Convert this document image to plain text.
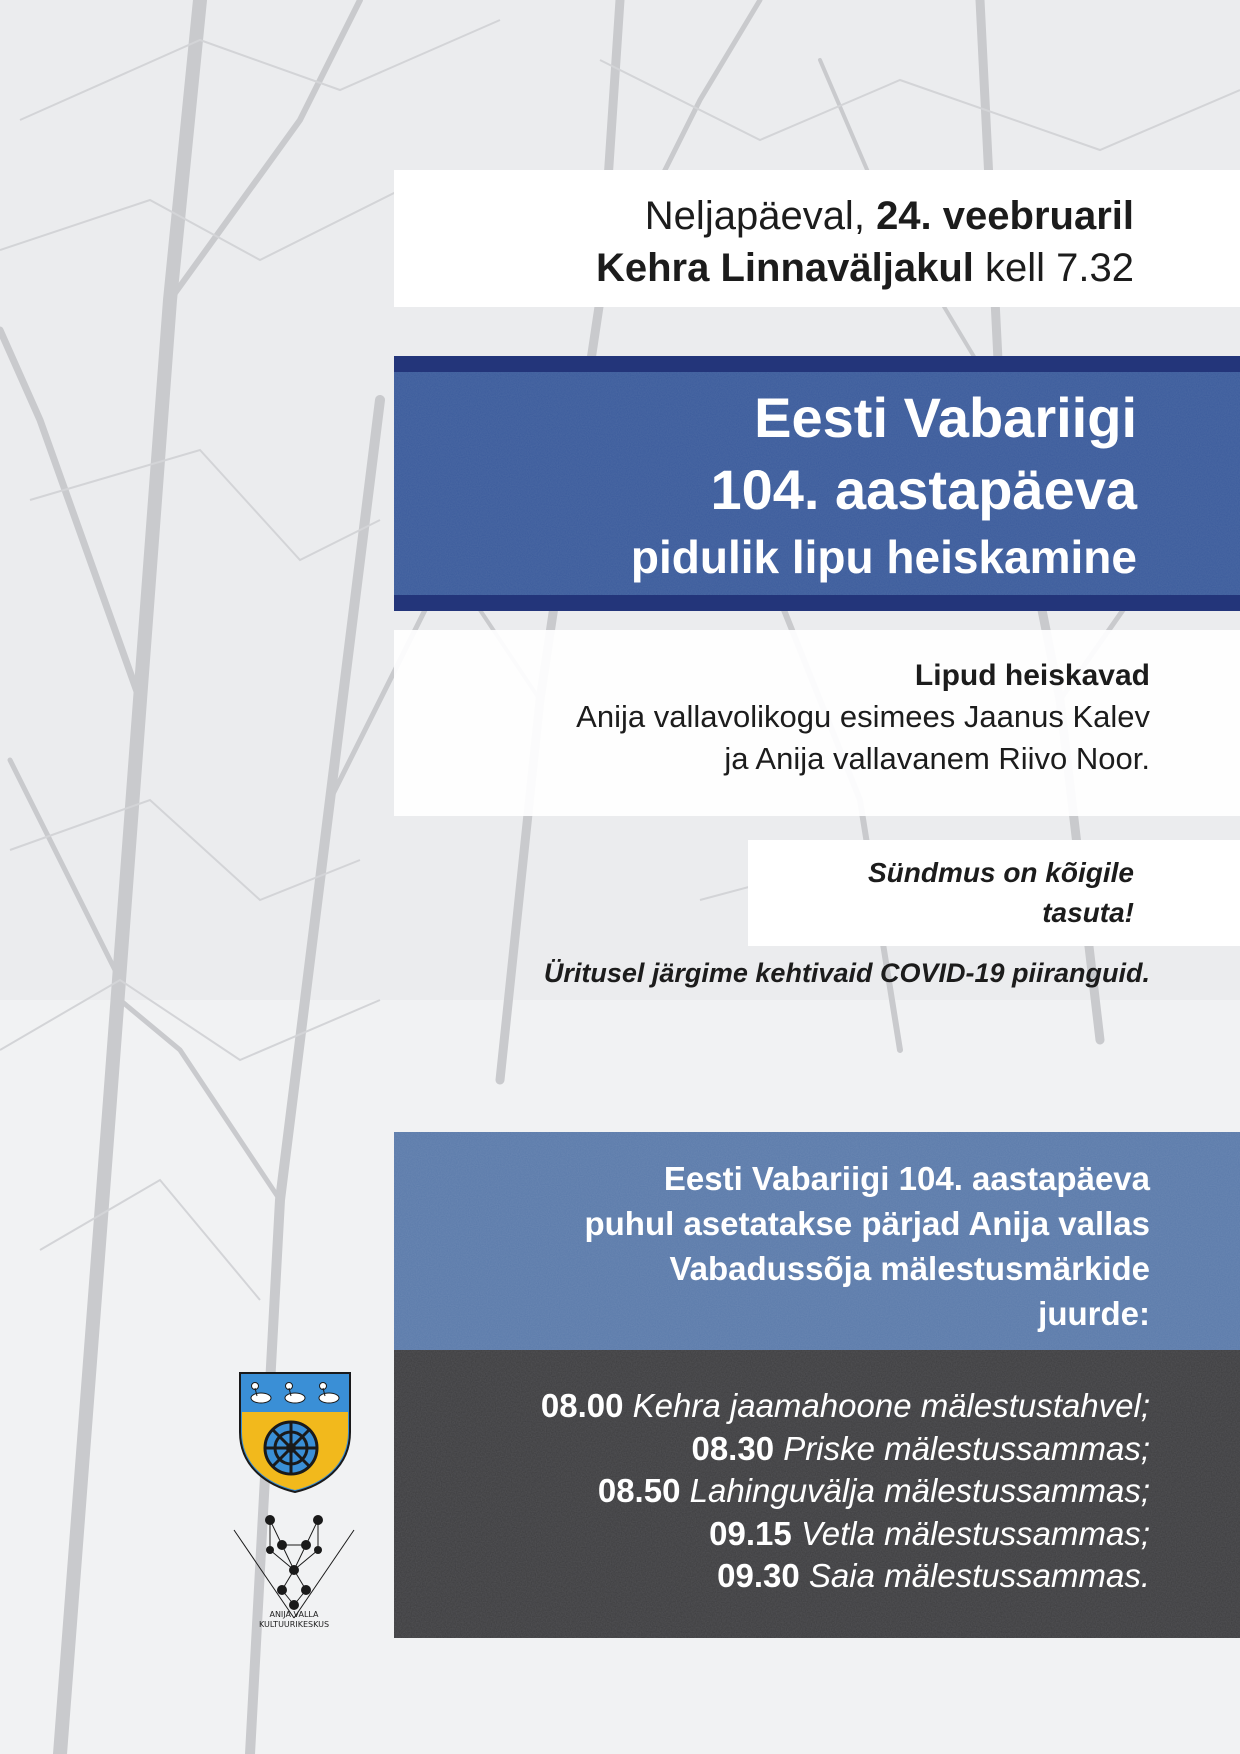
Neljapäeval, 24. veebruaril
Kehra Linnaväljakul kell 7.32
Eesti Vabariigi
104. aastapäeva
pidulik lipu heiskamine
Lipud heiskavad
Anija vallavolikogu esimees Jaanus Kalev
ja Anija vallavanem Riivo Noor.
Sündmus on kõigile
tasuta!
Üritusel järgime kehtivaid COVID-19 piiranguid.
Eesti Vabariigi 104. aastapäeva
puhul asetatakse pärjad Anija vallas
Vabadussõja mälestusmärkide
juurde:
08.00 Kehra jaamahoone mälestustahvel;
08.30 Priske mälestussammas;
08.50 Lahinguvälja mälestussammas;
09.15 Vetla mälestussammas;
09.30 Saia mälestussammas.
ANIJA VALLA
KULTUURIKESKUS
